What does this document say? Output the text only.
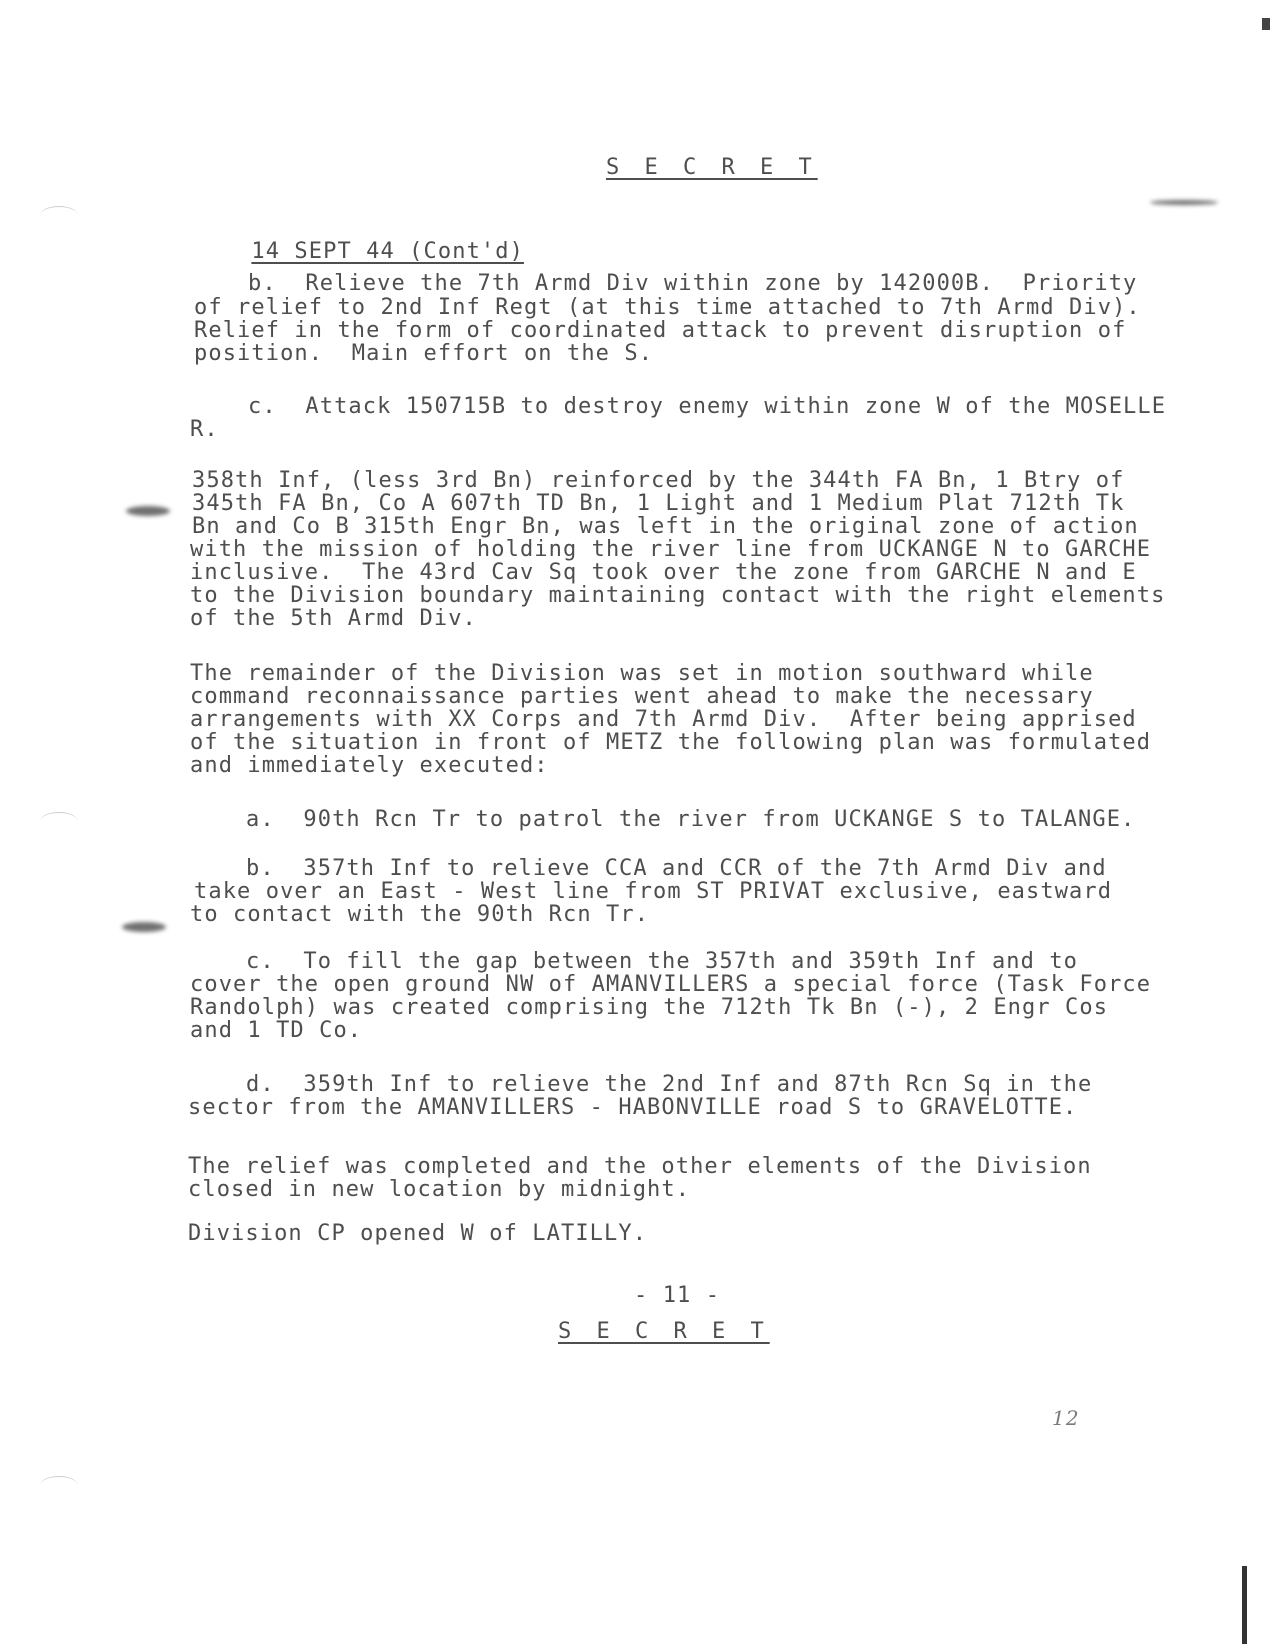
S E C R E T

14 SEPT 44 (Cont'd)

b.  Relieve the 7th Armd Div within zone by 142000B.  Priority
of relief to 2nd Inf Regt (at this time attached to 7th Armd Div).
Relief in the form of coordinated attack to prevent disruption of
position.  Main effort on the S.
c.  Attack 150715B to destroy enemy within zone W of the MOSELLE
R.
358th Inf, (less 3rd Bn) reinforced by the 344th FA Bn, 1 Btry of
345th FA Bn, Co A 607th TD Bn, 1 Light and 1 Medium Plat 712th Tk
Bn and Co B 315th Engr Bn, was left in the original zone of action
with the mission of holding the river line from UCKANGE N to GARCHE
inclusive.  The 43rd Cav Sq took over the zone from GARCHE N and E
to the Division boundary maintaining contact with the right elements
of the 5th Armd Div.
The remainder of the Division was set in motion southward while
command reconnaissance parties went ahead to make the necessary
arrangements with XX Corps and 7th Armd Div.  After being apprised
of the situation in front of METZ the following plan was formulated
and immediately executed:
a.  90th Rcn Tr to patrol the river from UCKANGE S to TALANGE.
b.  357th Inf to relieve CCA and CCR of the 7th Armd Div and
take over an East - West line from ST PRIVAT exclusive, eastward
to contact with the 90th Rcn Tr.
c.  To fill the gap between the 357th and 359th Inf and to
cover the open ground NW of AMANVILLERS a special force (Task Force
Randolph) was created comprising the 712th Tk Bn (-), 2 Engr Cos
and 1 TD Co.
d.  359th Inf to relieve the 2nd Inf and 87th Rcn Sq in the
sector from the AMANVILLERS - HABONVILLE road S to GRAVELOTTE.
The relief was completed and the other elements of the Division
closed in new location by midnight.
Division CP opened W of LATILLY.
- 11 -
S E C R E T
12
